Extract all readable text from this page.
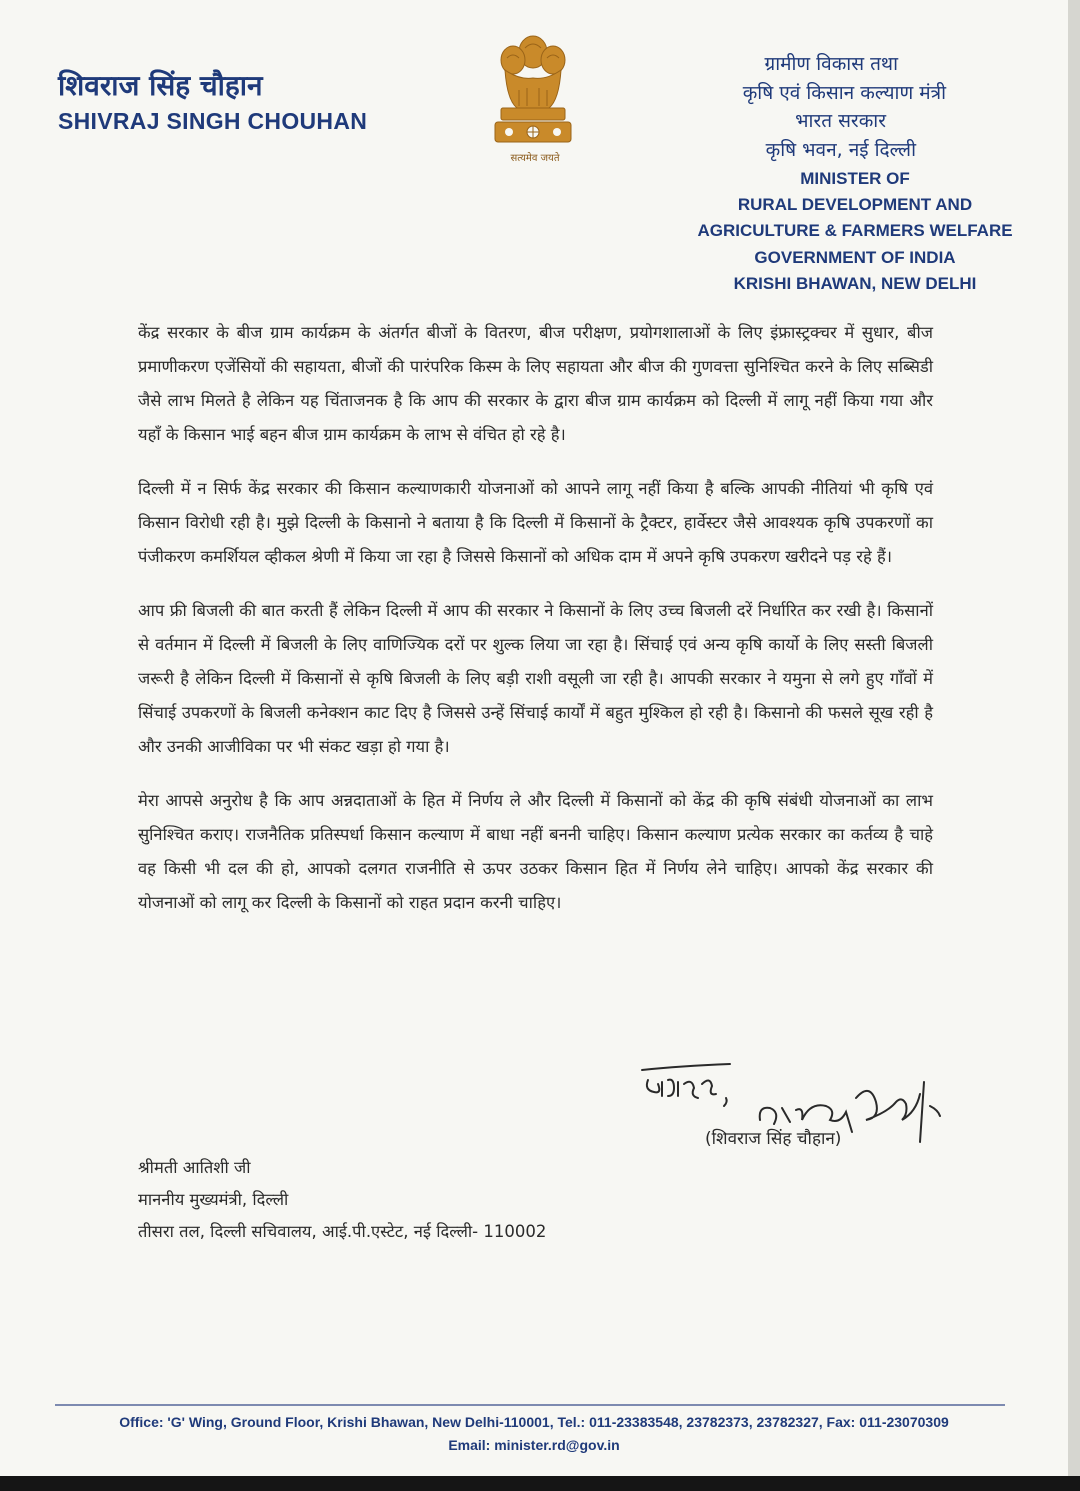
शिवराज सिंह चौहान
SHIVRAJ SINGH CHOUHAN
सत्यमेव जयते
ग्रामीण विकास तथा
कृषि एवं किसान कल्याण मंत्री
भारत सरकार
कृषि भवन, नई दिल्ली
MINISTER OF
RURAL DEVELOPMENT AND
AGRICULTURE & FARMERS WELFARE
GOVERNMENT OF INDIA
KRISHI BHAWAN, NEW DELHI

केंद्र सरकार के बीज ग्राम कार्यक्रम के अंतर्गत बीजों के वितरण, बीज परीक्षण, प्रयोगशालाओं के लिए इंफ्रास्ट्रक्चर में सुधार, बीज प्रमाणीकरण एजेंसियों की सहायता, बीजों की पारंपरिक किस्म के लिए सहायता और बीज की गुणवत्ता सुनिश्चित करने के लिए सब्सिडी जैसे लाभ मिलते है लेकिन यह चिंताजनक है कि आप की सरकार के द्वारा बीज ग्राम कार्यक्रम को दिल्ली में लागू नहीं किया गया और यहाँ के किसान भाई बहन बीज ग्राम कार्यक्रम के लाभ से वंचित हो रहे है।

दिल्ली में न सिर्फ केंद्र सरकार की किसान कल्याणकारी योजनाओं को आपने लागू नहीं किया है बल्कि आपकी नीतियां भी कृषि एवं किसान विरोधी रही है। मुझे दिल्ली के किसानो ने बताया है कि दिल्ली में किसानों के ट्रैक्टर, हार्वेस्टर जैसे आवश्यक कृषि उपकरणों का पंजीकरण कमर्शियल व्हीकल श्रेणी में किया जा रहा है जिससे किसानों को अधिक दाम में अपने कृषि उपकरण खरीदने पड़ रहे हैं।

आप फ्री बिजली की बात करती हैं लेकिन दिल्ली में आप की सरकार ने किसानों के लिए उच्च बिजली दरें निर्धारित कर रखी है। किसानों से वर्तमान में दिल्ली में बिजली के लिए वाणिज्यिक दरों पर शुल्क लिया जा रहा है। सिंचाई एवं अन्य कृषि कार्यो के लिए सस्ती बिजली जरूरी है लेकिन दिल्ली में किसानों से कृषि बिजली के लिए बड़ी राशी वसूली जा रही है। आपकी सरकार ने यमुना से लगे हुए गाँवों में सिंचाई उपकरणों के बिजली कनेक्शन काट दिए है जिससे उन्हें सिंचाई कार्यों में बहुत मुश्किल हो रही है। किसानो की फसले सूख रही है और उनकी आजीविका पर भी संकट खड़ा हो गया है।

मेरा आपसे अनुरोध है कि आप अन्नदाताओं के हित में निर्णय ले और दिल्ली में किसानों को केंद्र की कृषि संबंधी योजनाओं का लाभ सुनिश्चित कराए। राजनैतिक प्रतिस्पर्धा किसान कल्याण में बाधा नहीं बननी चाहिए। किसान कल्याण प्रत्येक सरकार का कर्तव्य है चाहे वह किसी भी दल की हो, आपको दलगत राजनीति से ऊपर उठकर किसान हित में निर्णय लेने चाहिए। आपको केंद्र सरकार की योजनाओं को लागू कर दिल्ली के किसानों को राहत प्रदान करनी चाहिए।

(शिवराज सिंह चौहान)
श्रीमती आतिशी जी
माननीय मुख्यमंत्री, दिल्ली
तीसरा तल, दिल्ली सचिवालय, आई.पी.एस्टेट, नई दिल्ली- 110002
Office: 'G' Wing, Ground Floor, Krishi Bhawan, New Delhi-110001, Tel.: 011-23383548, 23782373, 23782327, Fax: 011-23070309
Email: minister.rd@gov.in
